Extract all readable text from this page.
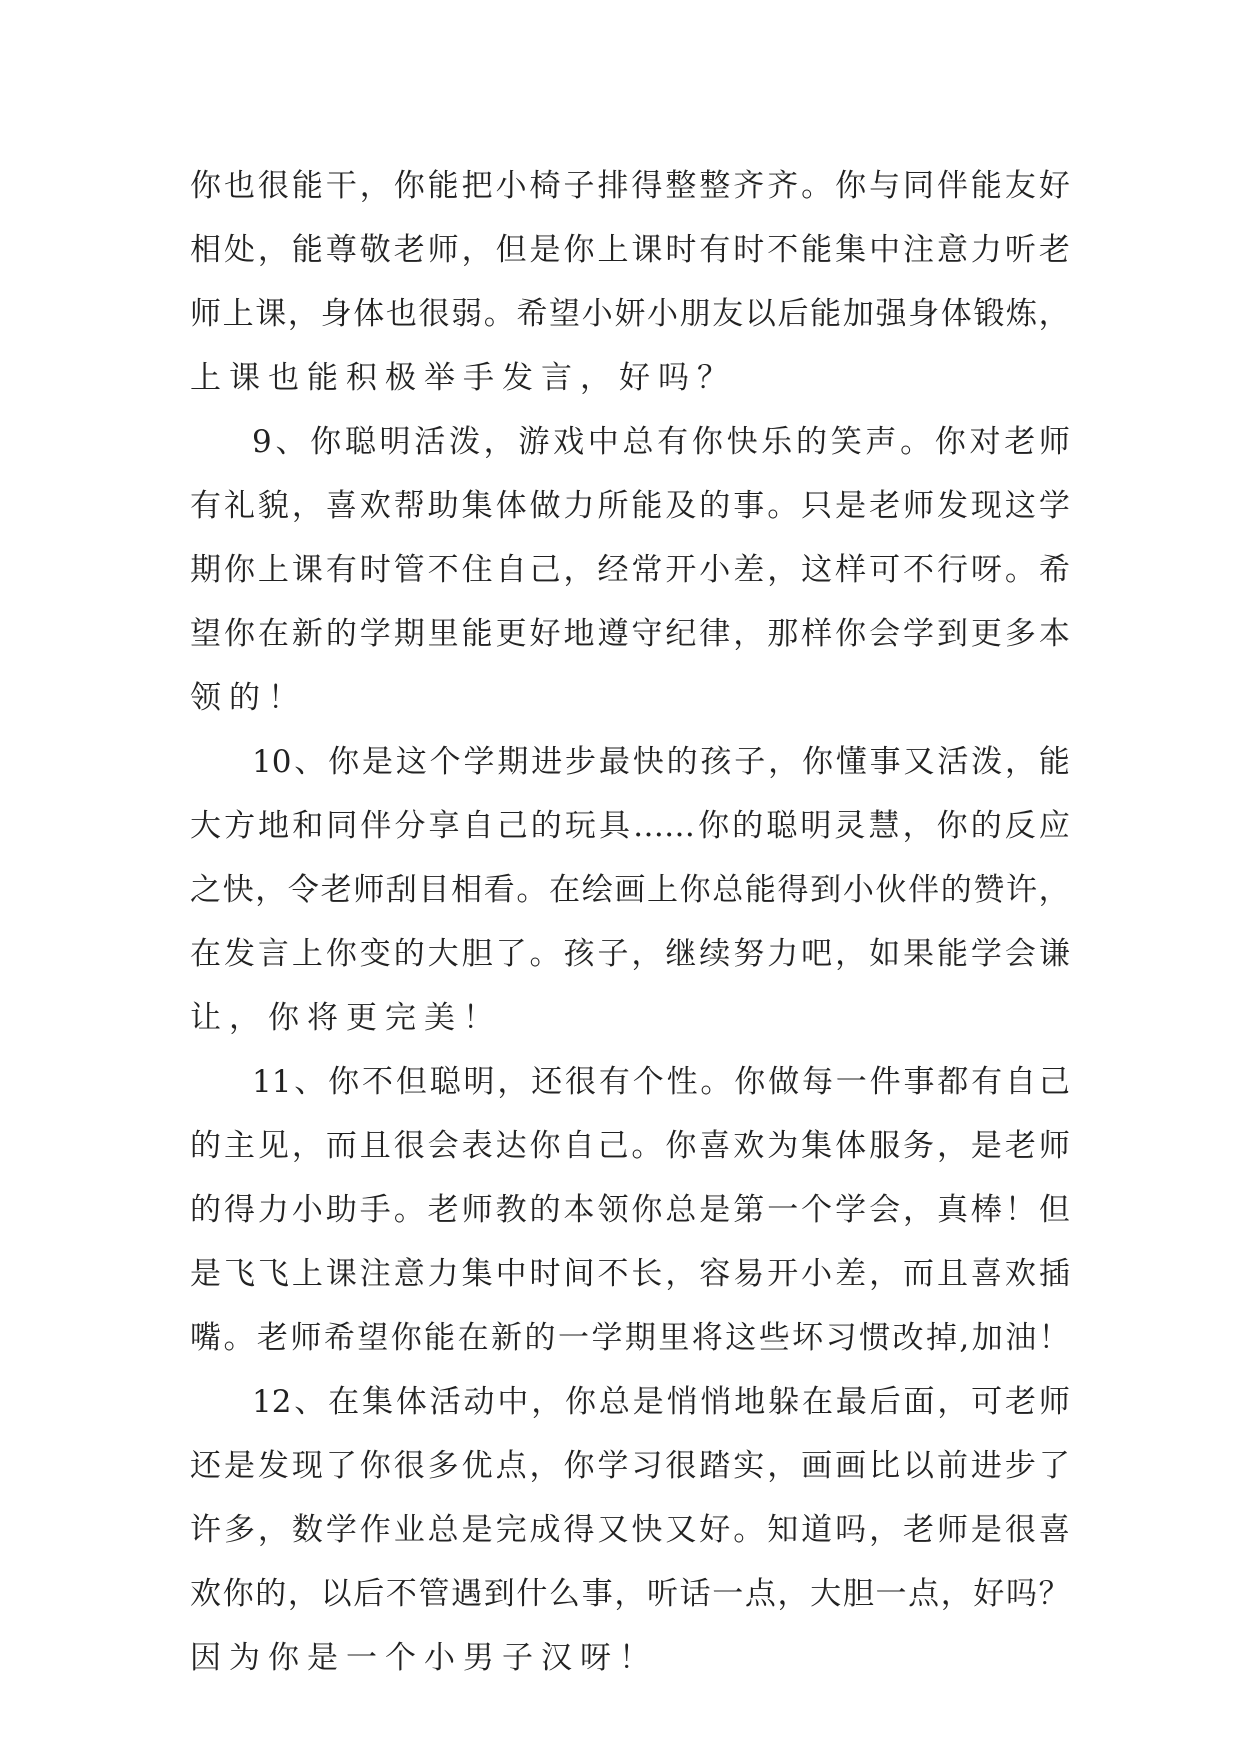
你 也 很 能 干 ， 你 能 把 小 椅 子 排 得 整 整 齐 齐 。 你 与 同 伴 能 友 好
相 处 ， 能 尊 敬 老 师 ， 但 是 你 上 课 时 有 时 不 能 集 中 注 意 力 听 老
师 上 课 ， 身 体 也 很 弱 。 希 望 小 妍 小 朋 友 以 后 能 加 强 身 体 锻 炼 ，
上 课 也 能 积 极 举 手 发 言 ， 好 吗 ？
9 、 你 聪 明 活 泼 ， 游 戏 中 总 有 你 快 乐 的 笑 声 。 你 对 老 师
有 礼 貌 ， 喜 欢 帮 助 集 体 做 力 所 能 及 的 事 。 只 是 老 师 发 现 这 学
期 你 上 课 有 时 管 不 住 自 己 ， 经 常 开 小 差 ， 这 样 可 不 行 呀 。 希
望 你 在 新 的 学 期 里 能 更 好 地 遵 守 纪 律 ， 那 样 你 会 学 到 更 多 本
领 的 ！
10 、 你 是 这 个 学 期 进 步 最 快 的 孩 子 ， 你 懂 事 又 活 泼 ， 能
大 方 地 和 同 伴 分 享 自 己 的 玩 具 …… 你 的 聪 明 灵 慧 ， 你 的 反 应
之 快 ， 令 老 师 刮 目 相 看 。 在 绘 画 上 你 总 能 得 到 小 伙 伴 的 赞 许 ，
在 发 言 上 你 变 的 大 胆 了 。 孩 子 ， 继 续 努 力 吧 ， 如 果 能 学 会 谦
让 ， 你 将 更 完 美 ！
11 、 你 不 但 聪 明 ， 还 很 有 个 性 。 你 做 每 一 件 事 都 有 自 己
的 主 见 ， 而 且 很 会 表 达 你 自 己 。 你 喜 欢 为 集 体 服 务 ， 是 老 师
的 得 力 小 助 手 。 老 师 教 的 本 领 你 总 是 第 一 个 学 会 ， 真 棒 ！ 但
是 飞 飞 上 课 注 意 力 集 中 时 间 不 长 ， 容 易 开 小 差 ， 而 且 喜 欢 插
嘴 。 老 师 希 望 你 能 在 新 的 一 学 期 里 将 这 些 坏 习 惯 改 掉 , 加 油 ！
12 、 在 集 体 活 动 中 ， 你 总 是 悄 悄 地 躲 在 最 后 面 ， 可 老 师
还 是 发 现 了 你 很 多 优 点 ， 你 学 习 很 踏 实 ， 画 画 比 以 前 进 步 了
许 多 ， 数 学 作 业 总 是 完 成 得 又 快 又 好 。 知 道 吗 ， 老 师 是 很 喜
欢 你 的 ， 以 后 不 管 遇 到 什 么 事 ， 听 话 一 点 ， 大 胆 一 点 ， 好 吗 ？
因 为 你 是 一 个 小 男 子 汉 呀 ！
